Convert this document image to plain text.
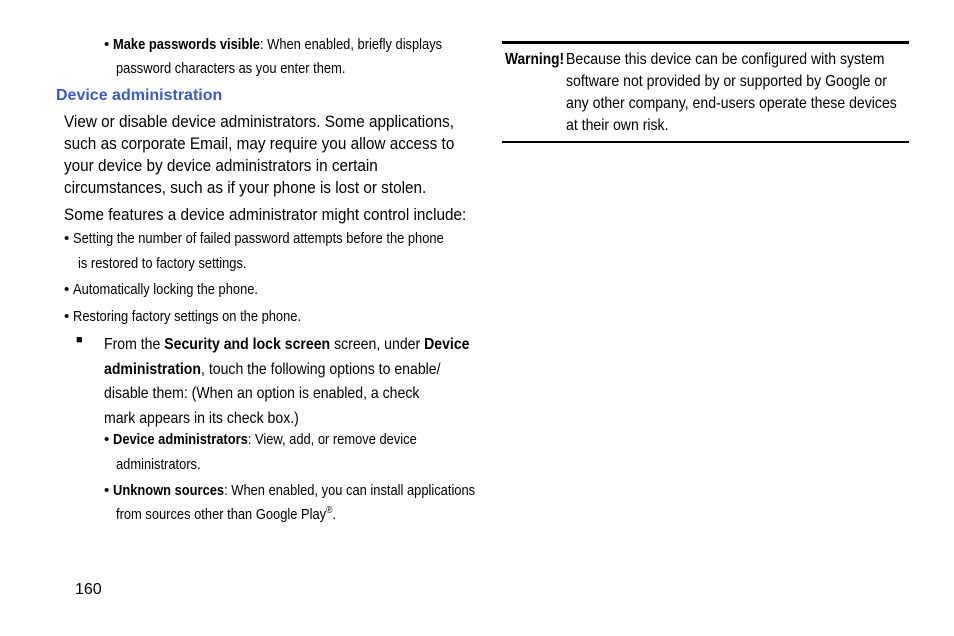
• Make passwords visible: When enabled, briefly displays
password characters as you enter them.
Device administration
View or disable device administrators. Some applications,
such as corporate Email, may require you allow access to
your device by device administrators in certain
circumstances, such as if your phone is lost or stolen.
Some features a device administrator might control include:
• Setting the number of failed password attempts before the phone
is restored to factory settings.
• Automatically locking the phone.
• Restoring factory settings on the phone.
■ From the Security and lock screen screen, under Device
administration, touch the following options to enable/
disable them: (When an option is enabled, a check
mark appears in its check box.)
• Device administrators: View, add, or remove device
administrators.
• Unknown sources: When enabled, you can install applications
from sources other than Google Play®.
Warning! Because this device can be configured with system
software not provided by or supported by Google or
any other company, end-users operate these devices
at their own risk.
160
